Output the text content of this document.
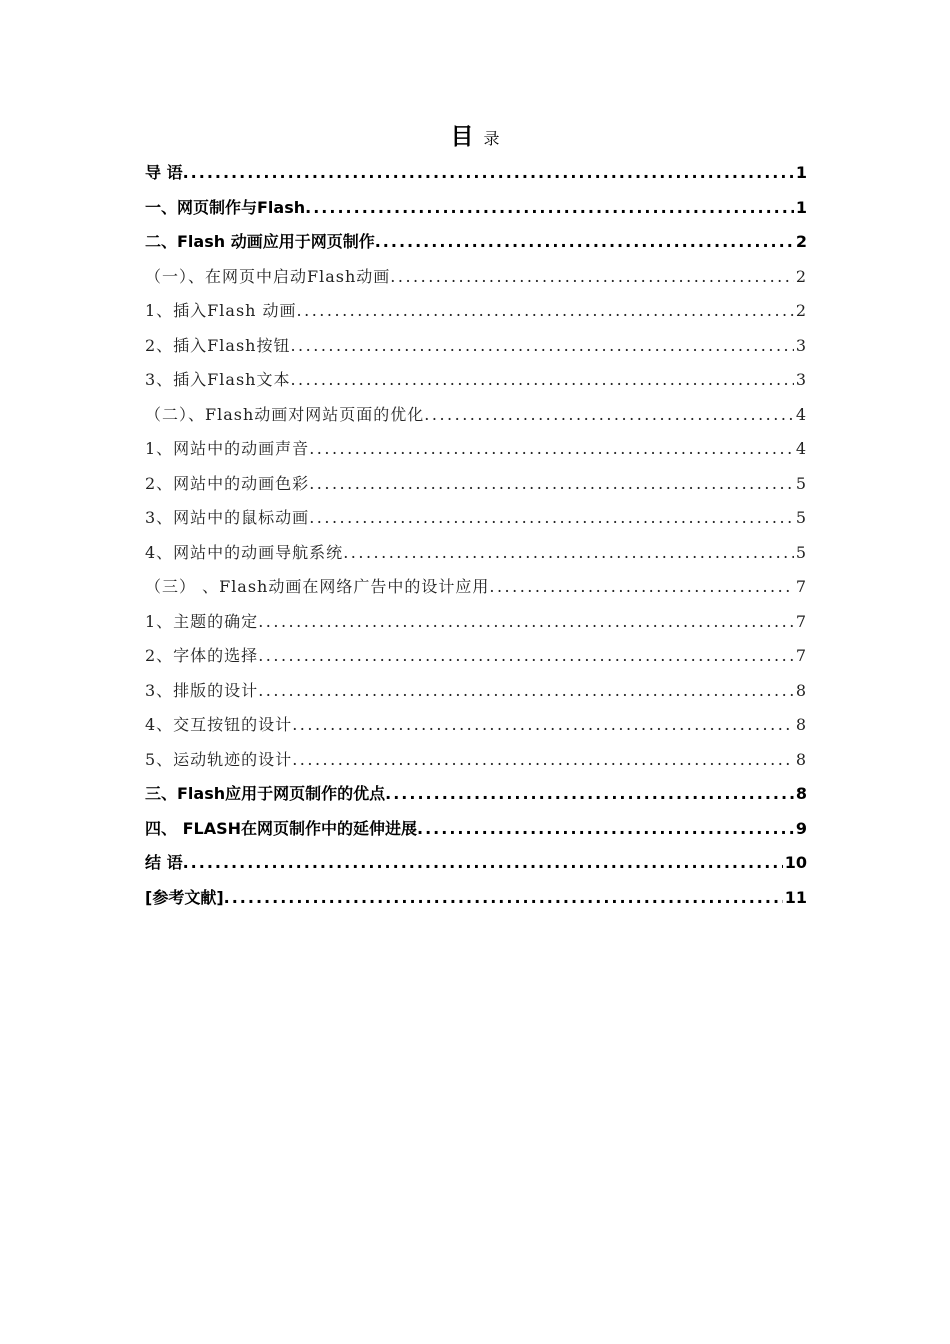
目 录
导 语 .....	1
一、网页制作与Flash .....	1
二、Flash 动画应用于网页制作 .....	2
（一）、在网页中启动Flash动画 .....	2
1、插入Flash 动画 .....	2
2、插入Flash按钮 .....	3
3、插入Flash文本 .....	3
（二）、Flash动画对网站页面的优化 .....	4
1、网站中的动画声音 .....	4
2、网站中的动画色彩 .....	5
3、网站中的鼠标动画 .....	5
4、网站中的动画导航系统 .....	5
（三） 、Flash动画在网络广告中的设计应用 .....	7
1、主题的确定 .....	7
2、字体的选择 .....	7
3、排版的设计 .....	8
4、交互按钮的设计 .....	8
5、运动轨迹的设计 .....	8
三、Flash应用于网页制作的优点 .....	8
四、 FLASH在网页制作中的延伸进展 .....	9
结 语 .....	10
[参考文献] .....	11
